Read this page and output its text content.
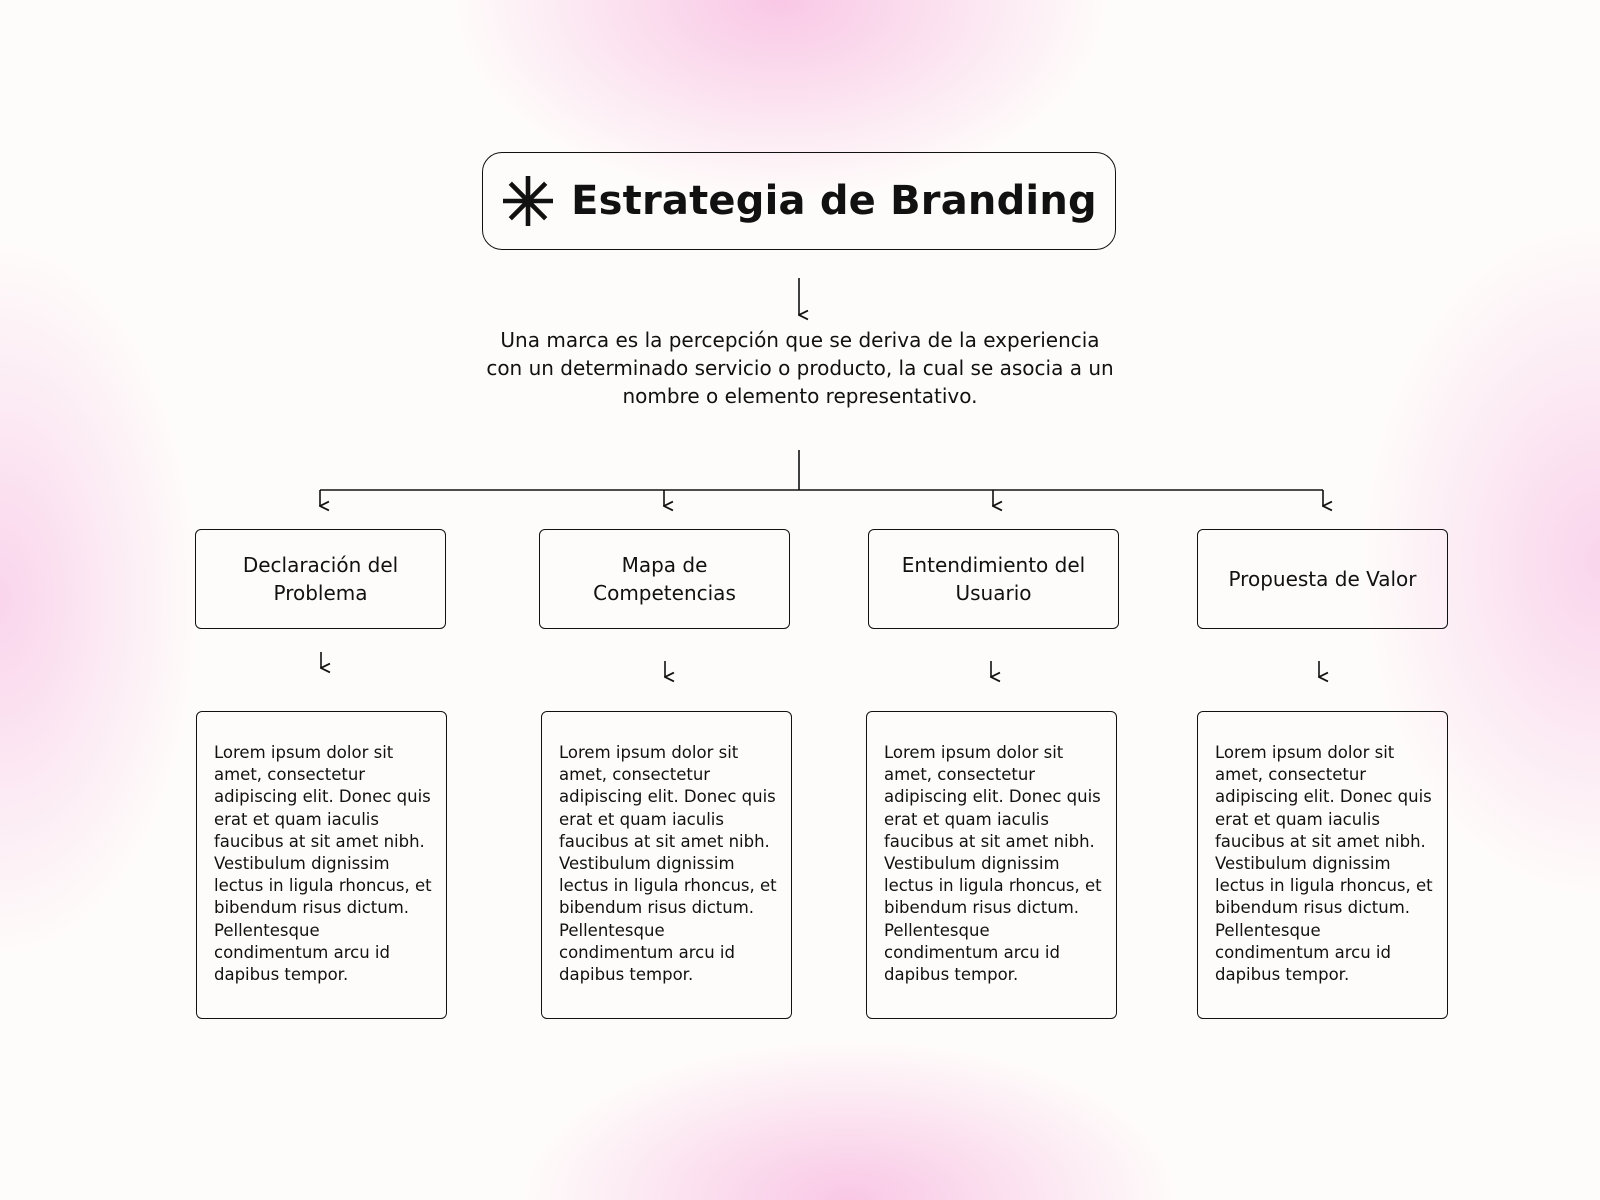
Estrategia de Branding

Una marca es la percepción que se deriva de la experiencia con un determinado servicio o producto, la cual se asocia a un nombre o elemento representativo.

Declaración del Problema
Mapa de Competencias
Entendimiento del Usuario
Propuesta de Valor

Lorem ipsum dolor sit amet, consectetur adipiscing elit. Donec quis erat et quam iaculis faucibus at sit amet nibh. Vestibulum dignissim lectus in ligula rhoncus, et bibendum risus dictum. Pellentesque condimentum arcu id dapibus tempor.

Lorem ipsum dolor sit amet, consectetur adipiscing elit. Donec quis erat et quam iaculis faucibus at sit amet nibh. Vestibulum dignissim lectus in ligula rhoncus, et bibendum risus dictum. Pellentesque condimentum arcu id dapibus tempor.

Lorem ipsum dolor sit amet, consectetur adipiscing elit. Donec quis erat et quam iaculis faucibus at sit amet nibh. Vestibulum dignissim lectus in ligula rhoncus, et bibendum risus dictum. Pellentesque condimentum arcu id dapibus tempor.

Lorem ipsum dolor sit amet, consectetur adipiscing elit. Donec quis erat et quam iaculis faucibus at sit amet nibh. Vestibulum dignissim lectus in ligula rhoncus, et bibendum risus dictum. Pellentesque condimentum arcu id dapibus tempor.
